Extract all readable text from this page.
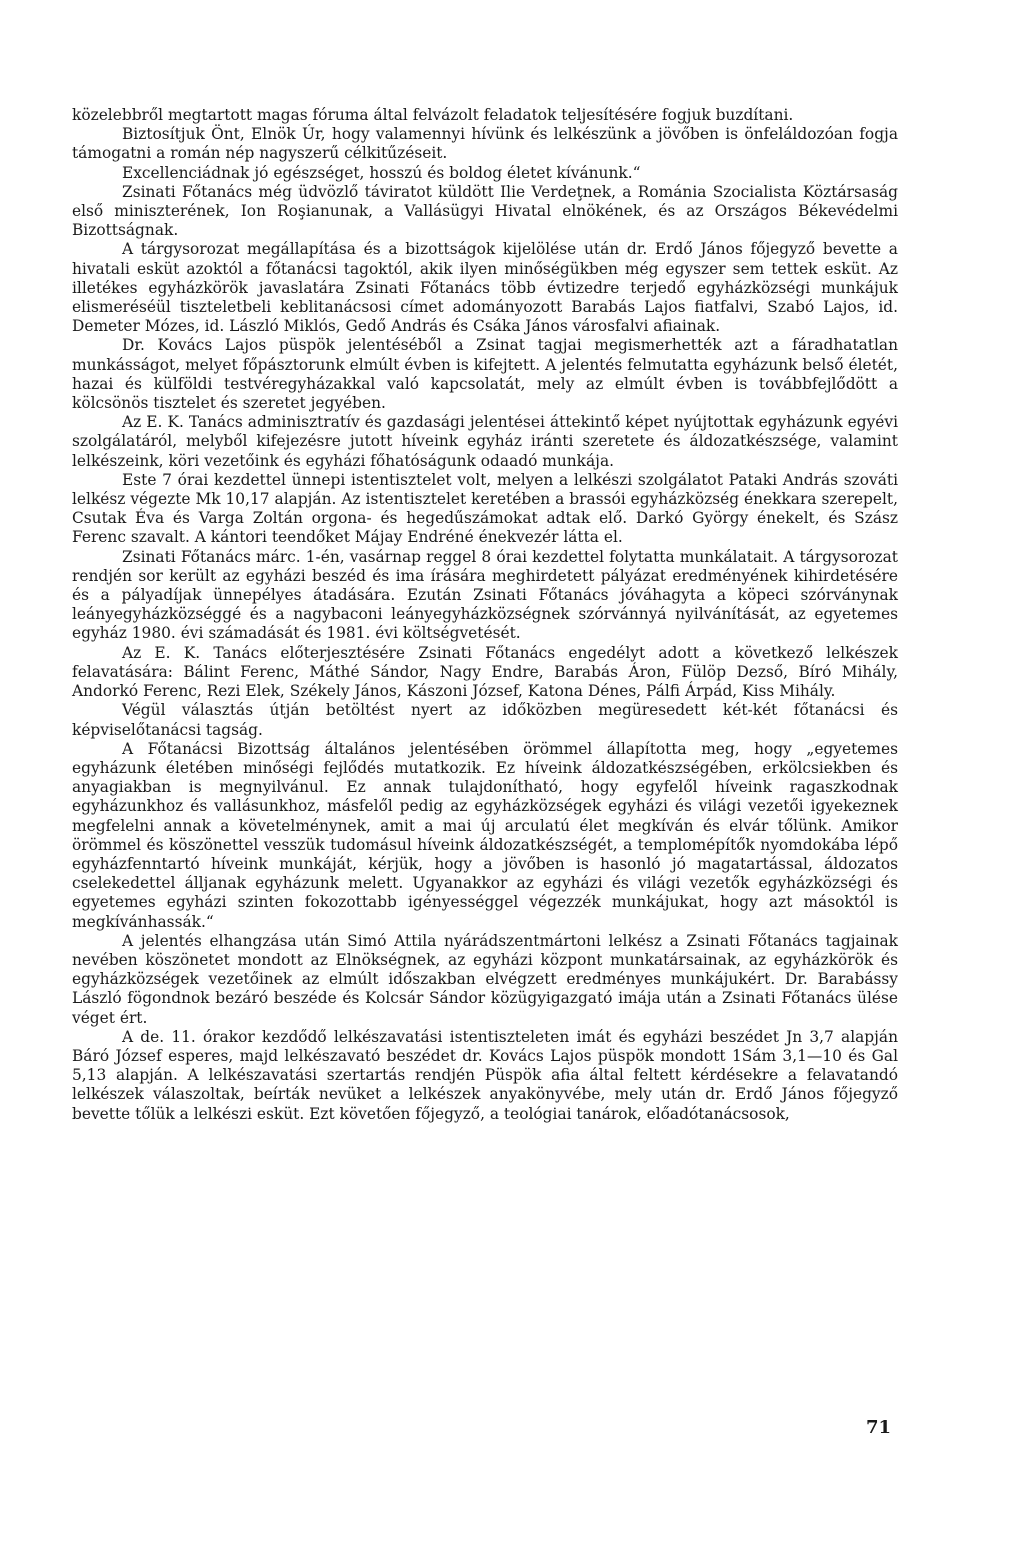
közelebbről megtartott magas fóruma által felvázolt feladatok teljesítésére fogjuk buzdítani.

Biztosítjuk Önt, Elnök Úr, hogy valamennyi hívünk és lelkészünk a jövőben is önfeláldozóan fogja támogatni a román nép nagyszerű célkitűzéseit.

Excellenciádnak jó egészséget, hosszú és boldog életet kívánunk.“

Zsinati Főtanács még üdvözlő táviratot küldött Ilie Verdeţnek, a Románia Szocialista Köztársaság első miniszterének, Ion Roşianunak, a Vallásügyi Hivatal elnökének, és az Országos Békevédelmi Bizottságnak.

A tárgysorozat megállapítása és a bizottságok kijelölése után dr. Erdő János főjegyző bevette a hivatali esküt azoktól a főtanácsi tagoktól, akik ilyen minőségükben még egyszer sem tettek esküt. Az illetékes egyházkörök javaslatára Zsinati Főtanács több évtizedre terjedő egyházközségi munkájuk elismeréséül tiszteletbeli keblitanácsosi címet adományozott Barabás Lajos fiatfalvi, Szabó Lajos, id. Demeter Mózes, id. László Miklós, Gedő András és Csáka János városfalvi afiainak.

Dr. Kovács Lajos püspök jelentéséből a Zsinat tagjai megismerhették azt a fáradhatatlan munkásságot, melyet főpásztorunk elmúlt évben is kifejtett. A jelentés felmutatta egyházunk belső életét, hazai és külföldi testvéregyházakkal való kapcsolatát, mely az elmúlt évben is továbbfejlődött a kölcsönös tisztelet és szeretet jegyében.

Az E. K. Tanács adminisztratív és gazdasági jelentései áttekintő képet nyújtottak egyházunk egyévi szolgálatáról, melyből kifejezésre jutott híveink egyház iránti szeretete és áldozatkészsége, valamint lelkészeink, köri vezetőink és egyházi főhatóságunk odaadó munkája.

Este 7 órai kezdettel ünnepi istentisztelet volt, melyen a lelkészi szolgálatot Pataki András szováti lelkész végezte Mk 10,17 alapján. Az istentisztelet keretében a brassói egyházközség énekkara szerepelt, Csutak Éva és Varga Zoltán orgona- és hegedűszámokat adtak elő. Darkó György énekelt, és Szász Ferenc szavalt. A kántori teendőket Májay Endréné énekvezér látta el.

Zsinati Főtanács márc. 1-én, vasárnap reggel 8 órai kezdettel folytatta munkálatait. A tárgysorozat rendjén sor került az egyházi beszéd és ima írására meghirdetett pályázat eredményének kihirdetésére és a pályadíjak ünnepélyes átadására. Ezután Zsinati Főtanács jóváhagyta a köpeci szórványnak leányegyházközséggé és a nagybaconi leányegyházközségnek szórvánnyá nyilvánítását, az egyetemes egyház 1980. évi számadását és 1981. évi költségvetését.

Az E. K. Tanács előterjesztésére Zsinati Főtanács engedélyt adott a következő lelkészek felavatására: Bálint Ferenc, Máthé Sándor, Nagy Endre, Barabás Áron, Fülöp Dezső, Bíró Mihály, Andorkó Ferenc, Rezi Elek, Székely János, Kászoni József, Katona Dénes, Pálfi Árpád, Kiss Mihály.

Végül választás útján betöltést nyert az időközben megüresedett két-két főtanácsi és képviselőtanácsi tagság.

A Főtanácsi Bizottság általános jelentésében örömmel állapította meg, hogy „egyetemes egyházunk életében minőségi fejlődés mutatkozik. Ez híveink áldozatkészségében, erkölcsiekben és anyagiakban is megnyilvánul. Ez annak tulajdonítható, hogy egyfelől híveink ragaszkodnak egyházunkhoz és vallásunkhoz, másfelől pedig az egyházközségek egyházi és világi vezetői igyekeznek megfelelni annak a követelménynek, amit a mai új arculatú élet megkíván és elvár tőlünk. Amikor örömmel és köszönettel vesszük tudomásul híveink áldozatkészségét, a templomépítők nyomdokába lépő egyházfenntartó híveink munkáját, kérjük, hogy a jövőben is hasonló jó magatartással, áldozatos cselekedettel álljanak egyházunk melett. Ugyanakkor az egyházi és világi vezetők egyházközségi és egyetemes egyházi szinten fokozottabb igényességgel végezzék munkájukat, hogy azt másoktól is megkívánhassák.“

A jelentés elhangzása után Simó Attila nyárádszentmártoni lelkész a Zsinati Főtanács tagjainak nevében köszönetet mondott az Elnökségnek, az egyházi központ munkatársainak, az egyházkörök és egyházközségek vezetőinek az elmúlt időszakban elvégzett eredményes munkájukért. Dr. Barabássy László fögondnok bezáró beszéde és Kolcsár Sándor közügyigazgató imája után a Zsinati Főtanács ülése véget ért.

A de. 11. órakor kezdődő lelkészavatási istentiszteleten imát és egyházi beszédet Jn 3,7 alapján Báró József esperes, majd lelkészavató beszédet dr. Kovács Lajos püspök mondott 1Sám 3,1—10 és Gal 5,13 alapján. A lelkészavatási szertartás rendjén Püspök afia által feltett kérdésekre a felavatandó lelkészek válaszoltak, beírták nevüket a lelkészek anyakönyvébe, mely után dr. Erdő János főjegyző bevette tőlük a lelkészi esküt. Ezt követően főjegyző, a teológiai tanárok, előadótanácsosok,

71
